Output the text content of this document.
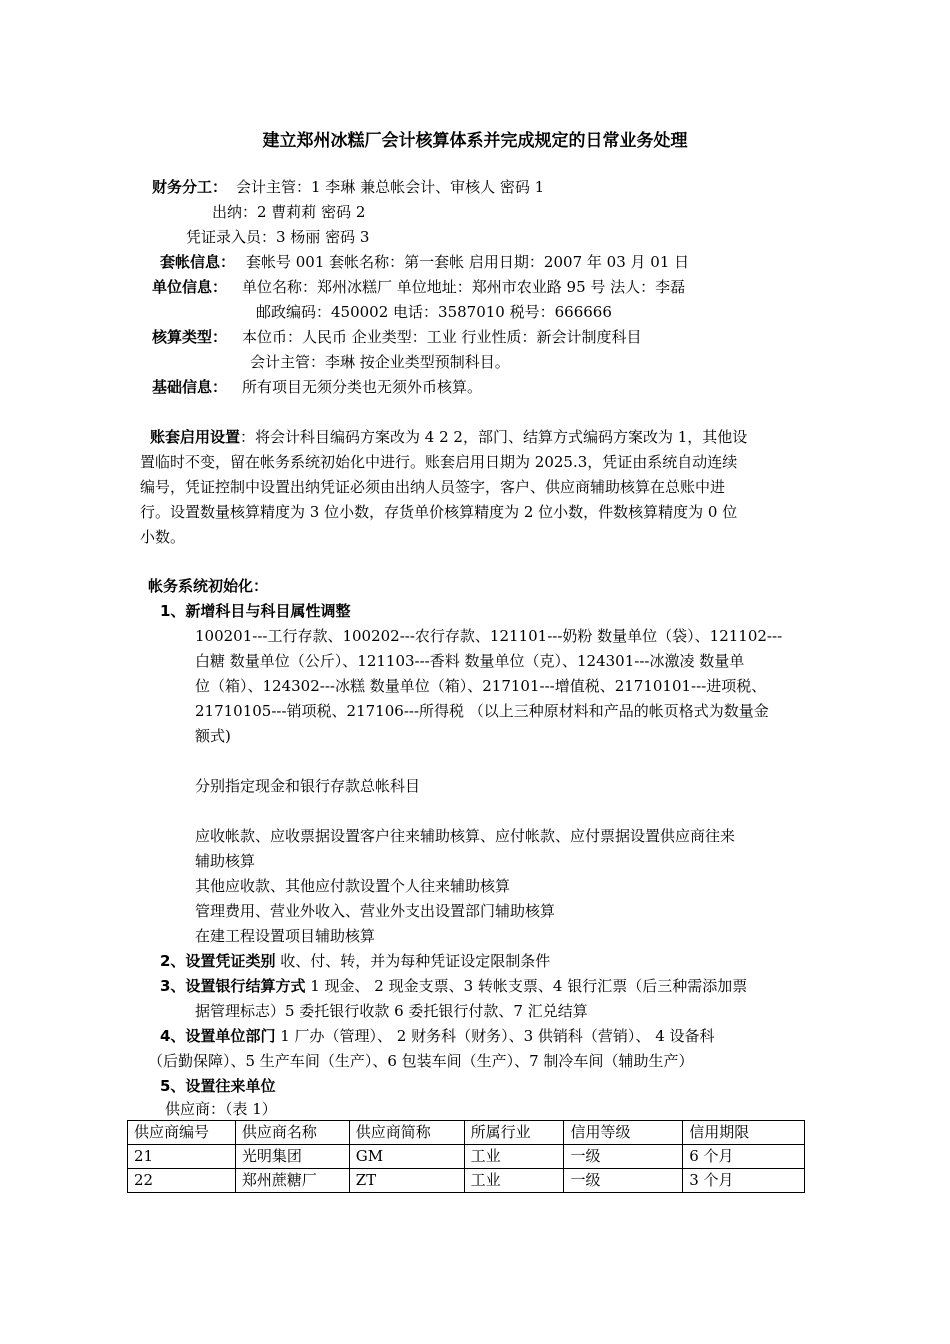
建立郑州冰糕厂会计核算体系并完成规定的日常业务处理
财务分工： 会计主管：1 李琳 兼总帐会计、审核人 密码 1
出纳：2 曹莉莉 密码 2
凭证录入员：3 杨丽 密码 3
套帐信息： 套帐号 001 套帐名称：第一套帐 启用日期：2007 年 03 月 01 日
单位信息： 单位名称：郑州冰糕厂 单位地址：郑州市农业路 95 号 法人：李磊
邮政编码：450002 电话：3587010 税号：666666
核算类型： 本位币：人民币 企业类型：工业 行业性质：新会计制度科目
会计主管：李琳 按企业类型预制科目。
基础信息： 所有项目无须分类也无须外币核算。
账套启用设置：将会计科目编码方案改为 4 2 2，部门、结算方式编码方案改为 1，其他设
置临时不变，留在帐务系统初始化中进行。账套启用日期为 2025.3，凭证由系统自动连续
编号，凭证控制中设置出纳凭证必须由出纳人员签字，客户、供应商辅助核算在总账中进
行。设置数量核算精度为 3 位小数，存货单价核算精度为 2 位小数，件数核算精度为 0 位
小数。
帐务系统初始化：
1、新增科目与科目属性调整
100201---工行存款、100202---农行存款、121101---奶粉 数量单位（袋）、121102---
白糖 数量单位（公斤）、121103---香料 数量单位（克）、124301---冰激凌 数量单
位（箱）、124302---冰糕 数量单位（箱）、217101---增值税、21710101---进项税、
21710105---销项税、217106---所得税 （以上三种原材料和产品的帐页格式为数量金
额式)
分别指定现金和银行存款总帐科目
应收帐款、应收票据设置客户往来辅助核算、应付帐款、应付票据设置供应商往来
辅助核算
其他应收款、其他应付款设置个人往来辅助核算
管理费用、营业外收入、营业外支出设置部门辅助核算
在建工程设置项目辅助核算
2、设置凭证类别 收、付、转，并为每种凭证设定限制条件
3、设置银行结算方式 1 现金、 2 现金支票、3 转帐支票、4 银行汇票（后三种需添加票
据管理标志）5 委托银行收款 6 委托银行付款、7 汇兑结算
4、设置单位部门 1 厂办（管理）、 2 财务科（财务）、3 供销科（营销）、 4 设备科
（后勤保障）、5 生产车间（生产）、6 包装车间（生产）、7 制冷车间（辅助生产）
5、设置往来单位
供应商：（表 1）
供应商编号	供应商名称	供应商简称	所属行业	信用等级	信用期限
21	光明集团	GM	工业	一级	6 个月
22	郑州蔗糖厂	ZT	工业	一级	3 个月
